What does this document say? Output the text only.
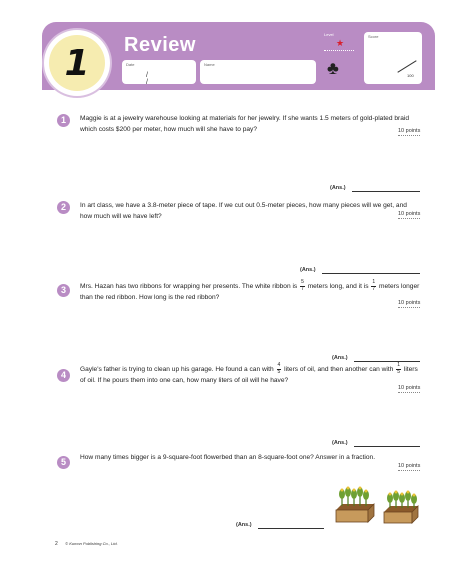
1	Review
Date
/ /
Name
Level
★
♣
Score
100
1	Maggie is at a jewelry warehouse looking at materials for her jewelry. If she wants 1.5 meters of gold-plated braid which costs $200 per meter, how much will she have to pay?	10 points
(Ans.)
2	In art class, we have a 3.8-meter piece of tape. If we cut out 0.5-meter pieces, how many pieces will we get, and how much will we have left?	10 points
(Ans.)
3	Mrs. Hazan has two ribbons for wrapping her presents. The white ribbon is $\frac{5}{7}$ meters long, and it is $\frac{1}{7}$ meters longer than the red ribbon. How long is the red ribbon?
10 points
(Ans.)
4
Gayle's father is trying to clean up his garage. He found a can with $\frac{4}{5}$ liters of oil, and then another can with $\frac{1}{5}$ liters of oil. If he pours them into one can, how many liters of oil will he have?
10 points
(Ans.)
5	How many times bigger is a 9-square-foot flowerbed than an 8-square-foot one? Answer in a fraction.
10 points
(Ans.)
2 © Kumon Publishing Co., Ltd.
